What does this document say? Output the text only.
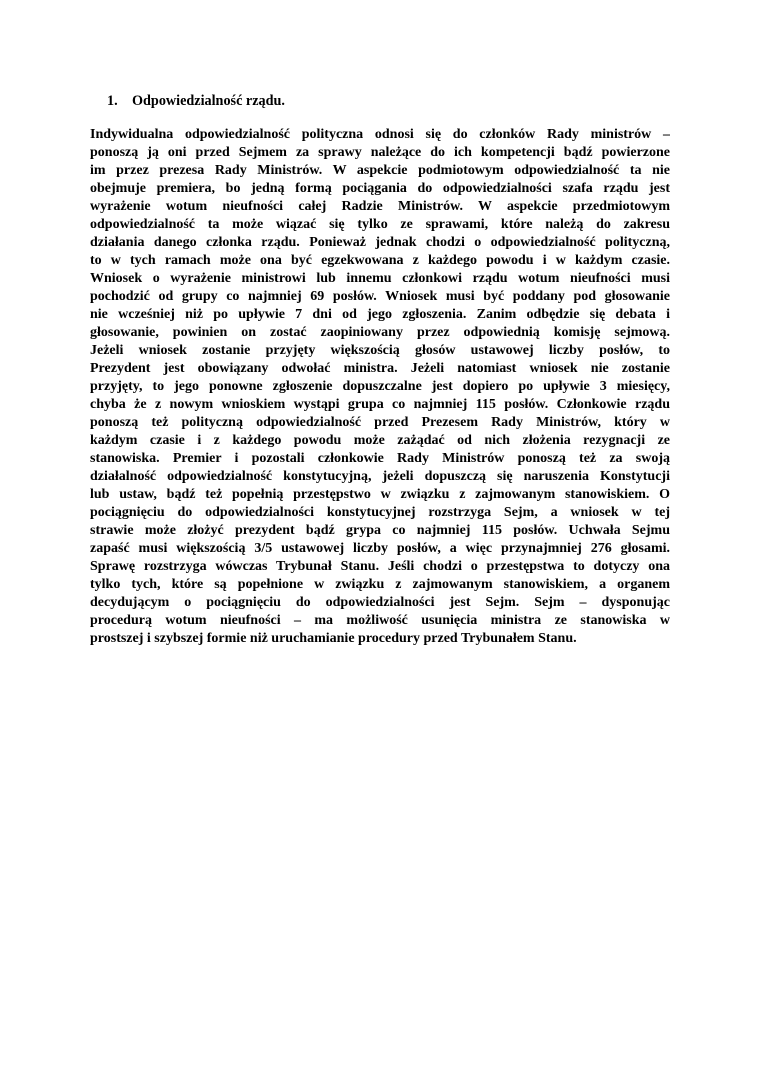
1. Odpowiedzialność rządu.
Indywidualna odpowiedzialność polityczna odnosi się do członków Rady ministrów –
ponoszą ją oni przed Sejmem za sprawy należące do ich kompetencji bądź powierzone
im przez prezesa Rady Ministrów. W aspekcie podmiotowym odpowiedzialność ta nie
obejmuje premiera, bo jedną formą pociągania do odpowiedzialności szafa rządu jest
wyrażenie wotum nieufności całej Radzie Ministrów. W aspekcie przedmiotowym
odpowiedzialność ta może wiązać się tylko ze sprawami, które należą do zakresu
działania danego członka rządu. Ponieważ jednak chodzi o odpowiedzialność polityczną,
to w tych ramach może ona być egzekwowana z każdego powodu i w każdym czasie.
Wniosek o wyrażenie ministrowi lub innemu członkowi rządu wotum nieufności musi
pochodzić od grupy co najmniej 69 posłów. Wniosek musi być poddany pod głosowanie
nie wcześniej niż po upływie 7 dni od jego zgłoszenia. Zanim odbędzie się debata i
głosowanie, powinien on zostać zaopiniowany przez odpowiednią komisję sejmową.
Jeżeli wniosek zostanie przyjęty większością głosów ustawowej liczby posłów, to
Prezydent jest obowiązany odwołać ministra. Jeżeli natomiast wniosek nie zostanie
przyjęty, to jego ponowne zgłoszenie dopuszczalne jest dopiero po upływie 3 miesięcy,
chyba że z nowym wnioskiem wystąpi grupa co najmniej 115 posłów. Członkowie rządu
ponoszą też polityczną odpowiedzialność przed Prezesem Rady Ministrów, który w
każdym czasie i z każdego powodu może zażądać od nich złożenia rezygnacji ze
stanowiska. Premier i pozostali członkowie Rady Ministrów ponoszą też za swoją
działalność odpowiedzialność konstytucyjną, jeżeli dopuszczą się naruszenia Konstytucji
lub ustaw, bądź też popełnią przestępstwo w związku z zajmowanym stanowiskiem. O
pociągnięciu do odpowiedzialności konstytucyjnej rozstrzyga Sejm, a wniosek w tej
strawie może złożyć prezydent bądź grypa co najmniej 115 posłów. Uchwała Sejmu
zapaść musi większością 3/5 ustawowej liczby posłów, a więc przynajmniej 276 głosami.
Sprawę rozstrzyga wówczas Trybunał Stanu. Jeśli chodzi o przestępstwa to dotyczy ona
tylko tych, które są popełnione w związku z zajmowanym stanowiskiem, a organem
decydującym o pociągnięciu do odpowiedzialności jest Sejm. Sejm – dysponując
procedurą wotum nieufności – ma możliwość usunięcia ministra ze stanowiska w
prostszej i szybszej formie niż uruchamianie procedury przed Trybunałem Stanu.
